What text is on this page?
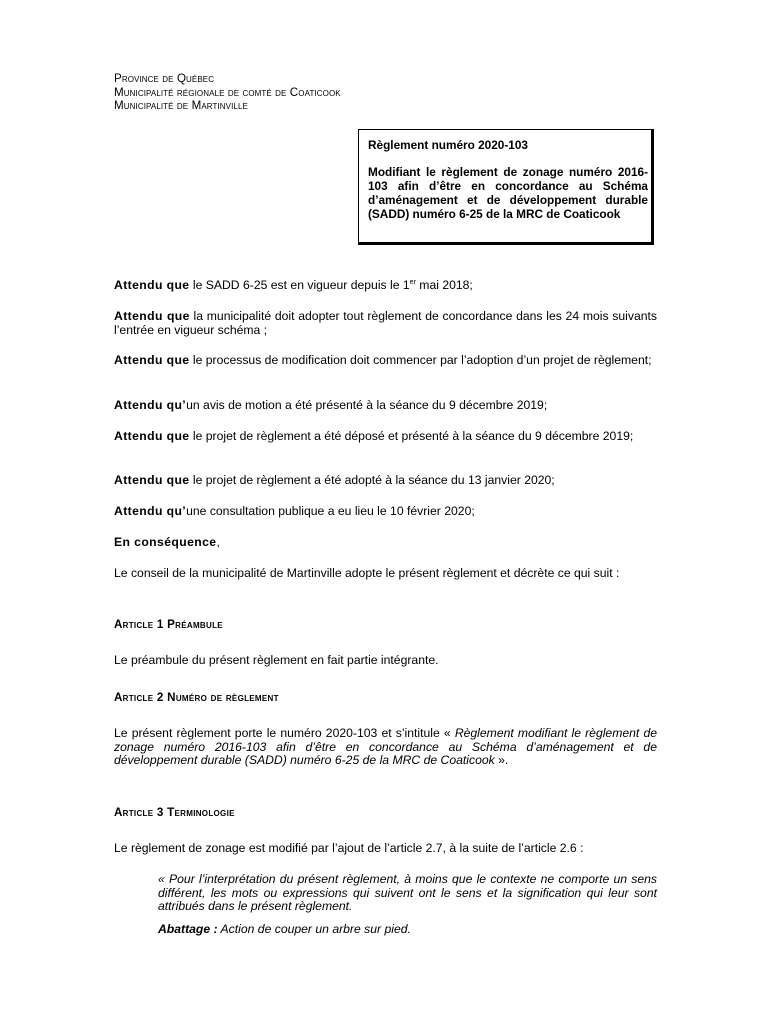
Province de Québec
Municipalité régionale de comté de Coaticook
Municipalité de Martinville
Règlement numéro 2020-103
Modifiant le règlement de zonage numéro 2016-103 afin d’être en concordance au Schéma d’aménagement et de développement durable (SADD) numéro 6-25 de la MRC de Coaticook
Attendu que le SADD 6-25 est en vigueur depuis le 1er mai 2018;
Attendu que la municipalité doit adopter tout règlement de concordance dans les 24 mois suivants l’entrée en vigueur schéma ;
Attendu que le processus de modification doit commencer par l’adoption d’un projet de règlement;
Attendu qu’un avis de motion a été présenté à la séance du 9 décembre 2019;
Attendu que le projet de règlement a été déposé et présenté à la séance du 9 décembre 2019;
Attendu que le projet de règlement a été adopté à la séance du 13 janvier 2020;
Attendu qu’une consultation publique a eu lieu le 10 février 2020;
En conséquence,
Le conseil de la municipalité de Martinville adopte le présent règlement et décrète ce qui suit :
Article 1 Préambule
Le préambule du présent règlement en fait partie intégrante.
Article 2 Numéro de règlement
Le présent règlement porte le numéro 2020-103 et s’intitule « Règlement modifiant le règlement de zonage numéro 2016-103 afin d’être en concordance au Schéma d’aménagement et de développement durable (SADD) numéro 6-25 de la MRC de Coaticook ».
Article 3 Terminologie
Le règlement de zonage est modifié par l’ajout de l’article 2.7, à la suite de l’article 2.6 :
« Pour l’interprétation du présent règlement, à moins que le contexte ne comporte un sens différent, les mots ou expressions qui suivent ont le sens et la signification qui leur sont attribués dans le présent règlement.
Abattage : Action de couper un arbre sur pied.
